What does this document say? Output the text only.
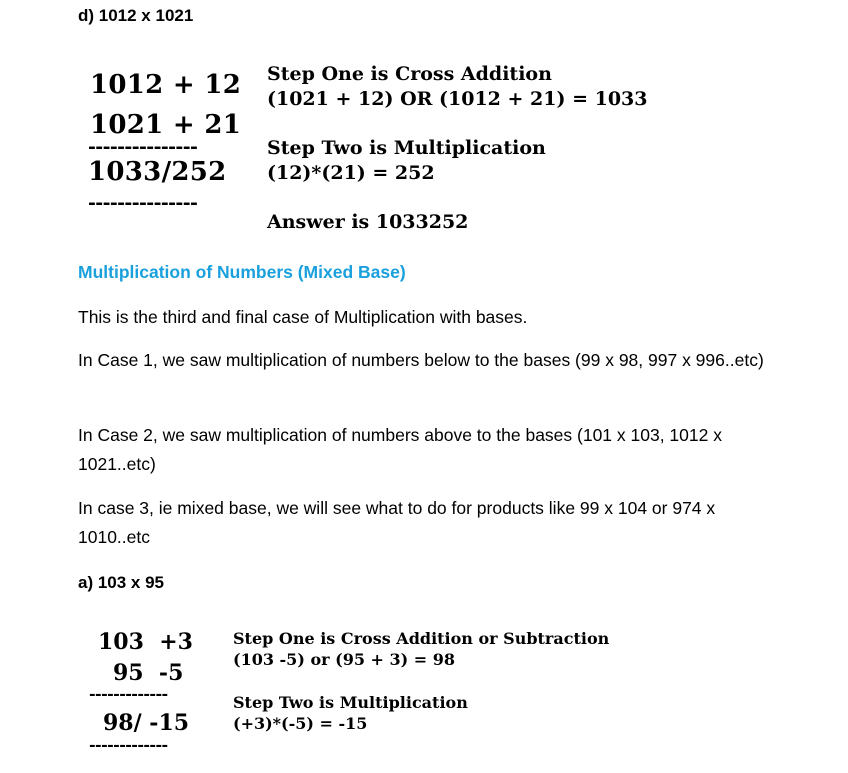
d) 1012 x 1021
1012 + 12
1021 + 21
---------------
1033/252
---------------
Step One is Cross Addition
(1021 + 12) OR (1012 + 21) = 1033
Step Two is Multiplication
(12)*(21) = 252
Answer is 1033252
Multiplication of Numbers (Mixed Base)
This is the third and final case of Multiplication with bases.
In Case 1, we saw multiplication of numbers below to the bases (99 x 98, 997 x 996..etc)
In Case 2, we saw multiplication of numbers above to the bases (101 x 103, 1012 x 1021..etc)
In case 3, ie mixed base, we will see what to do for products like 99 x 104 or 974 x 1010..etc
a) 103 x 95
103  +3
95  -5
-------------
98/ -15
-------------
Step One is Cross Addition or Subtraction
(103 -5) or (95 + 3) = 98
Step Two is Multiplication
(+3)*(-5) = -15
